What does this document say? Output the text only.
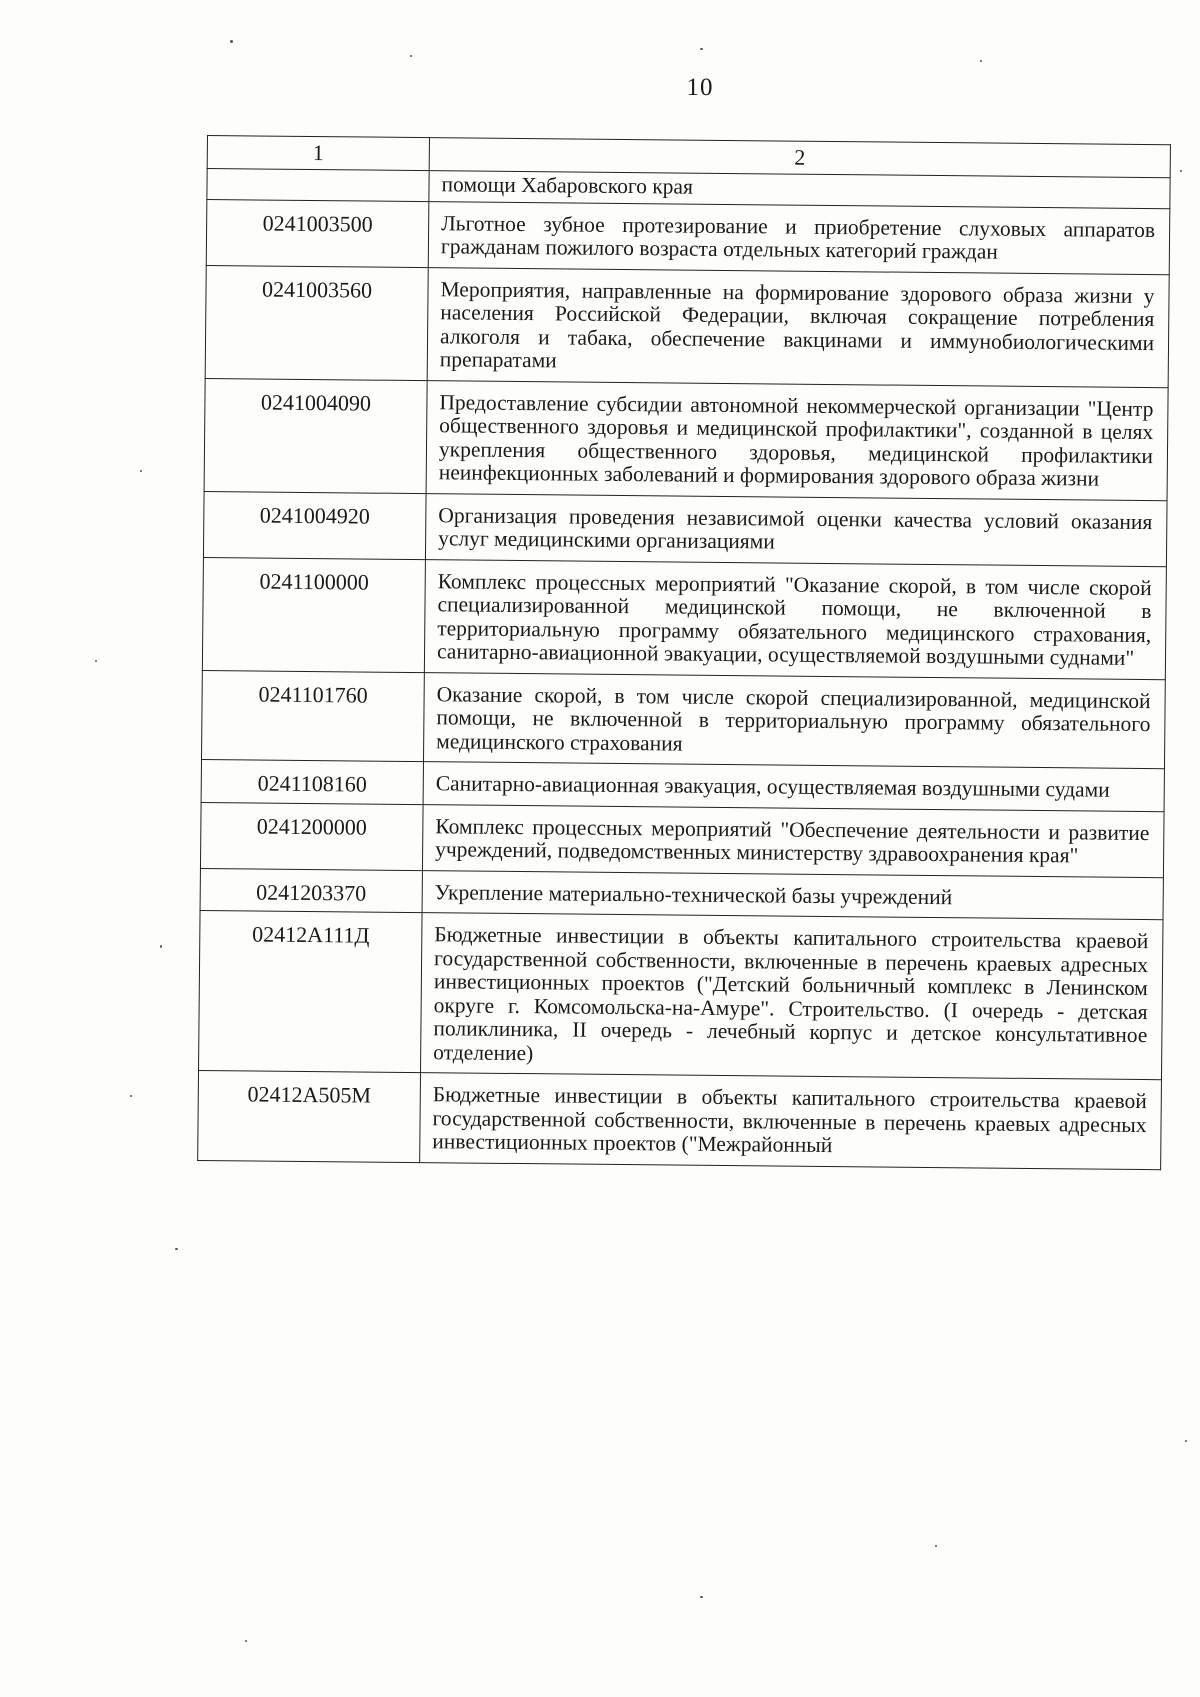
10
1	2
	помощи Хабаровского края
0241003500	Льготное зубное протезирование и приобретение слуховых аппаратов гражданам пожилого возраста отдельных категорий граждан
0241003560	Мероприятия, направленные на формирование здорового образа жизни у населения Российской Федерации, включая сокращение потребления алкоголя и табака, обеспечение вакцинами и иммунобиологическими препаратами
0241004090	Предоставление субсидии автономной некоммерческой организации "Центр общественного здоровья и медицинской профилактики", созданной в целях укрепления общественного здоровья, медицинской профилактики неинфекционных заболеваний и формирования здорового образа жизни
0241004920	Организация проведения независимой оценки качества условий оказания услуг медицинскими организациями
0241100000	Комплекс процессных мероприятий "Оказание скорой, в том числе скорой специализированной медицинской помощи, не включенной в территориальную программу обязательного медицинского страхования, санитарно-авиационной эвакуации, осуществляемой воздушными суднами"
0241101760	Оказание скорой, в том числе скорой специализированной, медицинской помощи, не включенной в территориальную программу обязательного медицинского страхования
0241108160	Санитарно-авиационная эвакуация, осуществляемая воздушными судами
0241200000	Комплекс процессных мероприятий "Обеспечение деятельности и развитие учреждений, подведомственных министерству здравоохранения края"
0241203370	Укрепление материально-технической базы учреждений
02412А111Д	Бюджетные инвестиции в объекты капитального строительства краевой государственной собственности, включенные в перечень краевых адресных инвестиционных проектов ("Детский больничный комплекс в Ленинском округе г. Комсомольска-на-Амуре". Строительство. (I очередь - детская поликлиника, II очередь - лечебный корпус и детское консультативное отделение)
02412А505М	Бюджетные инвестиции в объекты капитального строительства краевой государственной собственности, включенные в перечень краевых адресных инвестиционных проектов ("Межрайонный
